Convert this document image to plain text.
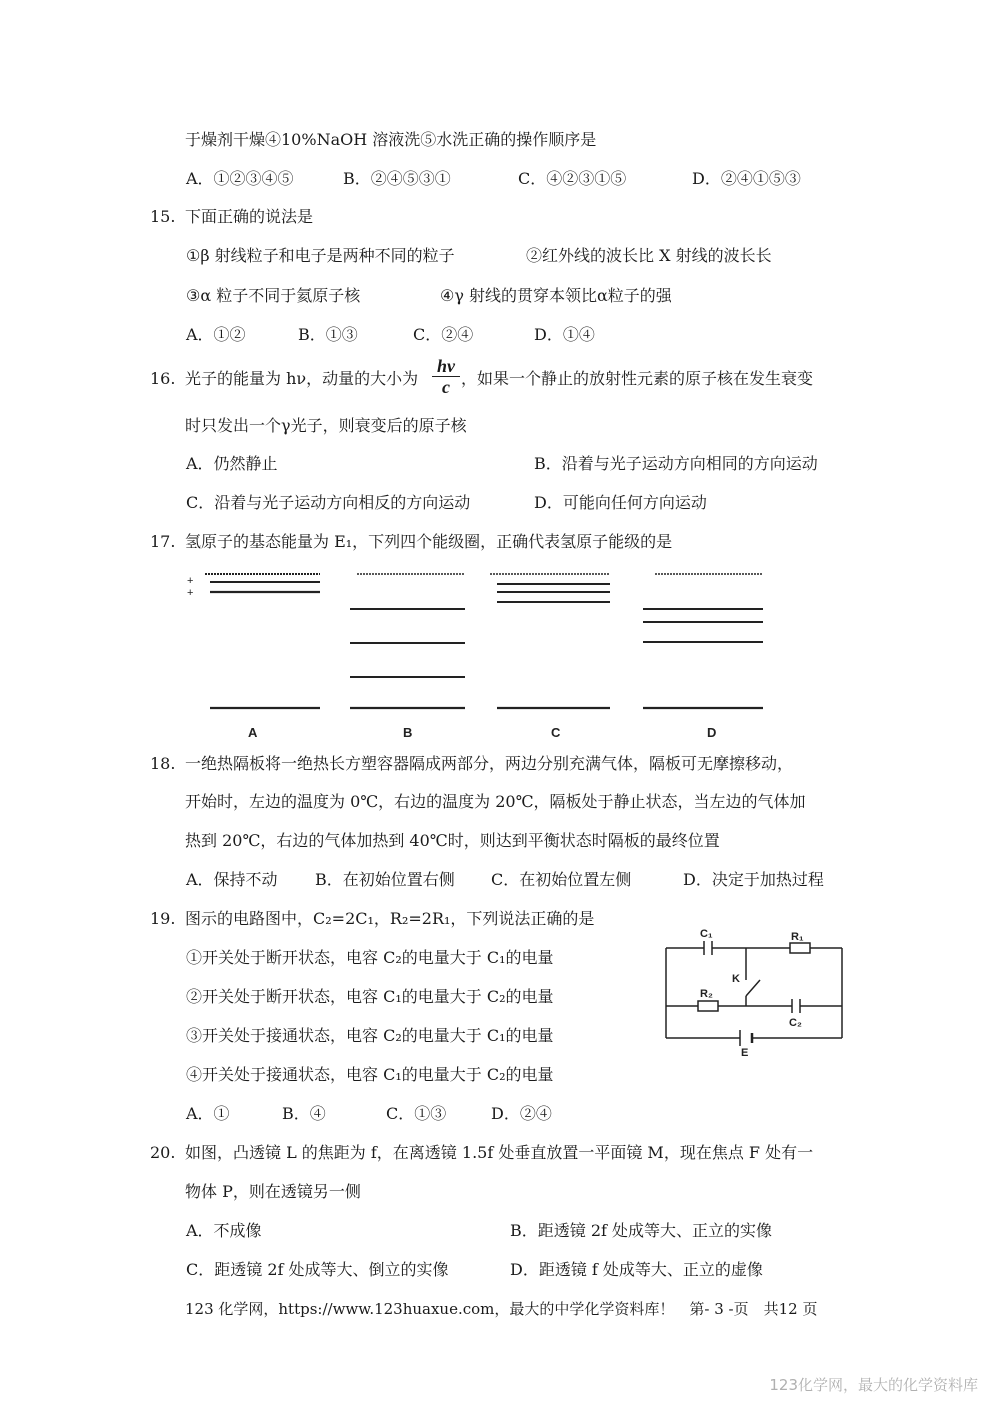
于燥剂干燥④10%NaOH 溶液洗⑤水洗正确的操作顺序是
A．①②③④⑤	B．②④⑤③①	C．④②③①⑤	D．②④①⑤③
15. 下面正确的说法是
①β 射线粒子和电子是两种不同的粒子	②红外线的波长比 X 射线的波长长
③α 粒子不同于氦原子核	④γ 射线的贯穿本领比α粒子的强
A．①②	B．①③	C．②④	D．①④
16. 光子的能量为 hν，动量的大小为 $\frac{hv}{c}$ ，如果一个静止的放射性元素的原子核在发生衰变
时只发出一个γ光子，则衰变后的原子核
A．仍然静止	B．沿着与光子运动方向相同的方向运动
C．沿着与光子运动方向相反的方向运动	D．可能向任何方向运动
17. 氢原子的基态能量为 E₁，下列四个能级圈，正确代表氢原子能级的是
+
+
A	B	C	D
18. 一绝热隔板将一绝热长方塑容器隔成两部分，两边分别充满气体，隔板可无摩擦移动，
开始时，左边的温度为 0℃，右边的温度为 20℃，隔板处于静止状态，当左边的气体加
热到 20℃，右边的气体加热到 40℃时，则达到平衡状态时隔板的最终位置
A．保持不动 B．在初始位置右侧 C．在初始位置左侧	D．决定于加热过程
19. 图示的电路图中，C₂=2C₁，R₂=2R₁，下列说法正确的是
①开关处于断开状态，电容 C₂的电量大于 C₁的电量
②开关处于断开状态，电容 C₁的电量大于 C₂的电量
③开关处于接通状态，电容 C₂的电量大于 C₁的电量
④开关处于接通状态，电容 C₁的电量大于 C₂的电量
A．①	B．④	C．①③	D．②④
C₁	R₁
K
R₂
C₂
E
20. 如图，凸透镜 L 的焦距为 f，在离透镜 1.5f 处垂直放置一平面镜 M，现在焦点 F 处有一
物体 P，则在透镜另一侧
A．不成像	B．距透镜 2f 处成等大、正立的实像
C．距透镜 2f 处成等大、倒立的实像	D．距透镜 f 处成等大、正立的虚像
123 化学网，https://www.123huaxue.com，最大的中学化学资料库！　第- 3 -页　共12 页
123化学网，最大的化学资料库
